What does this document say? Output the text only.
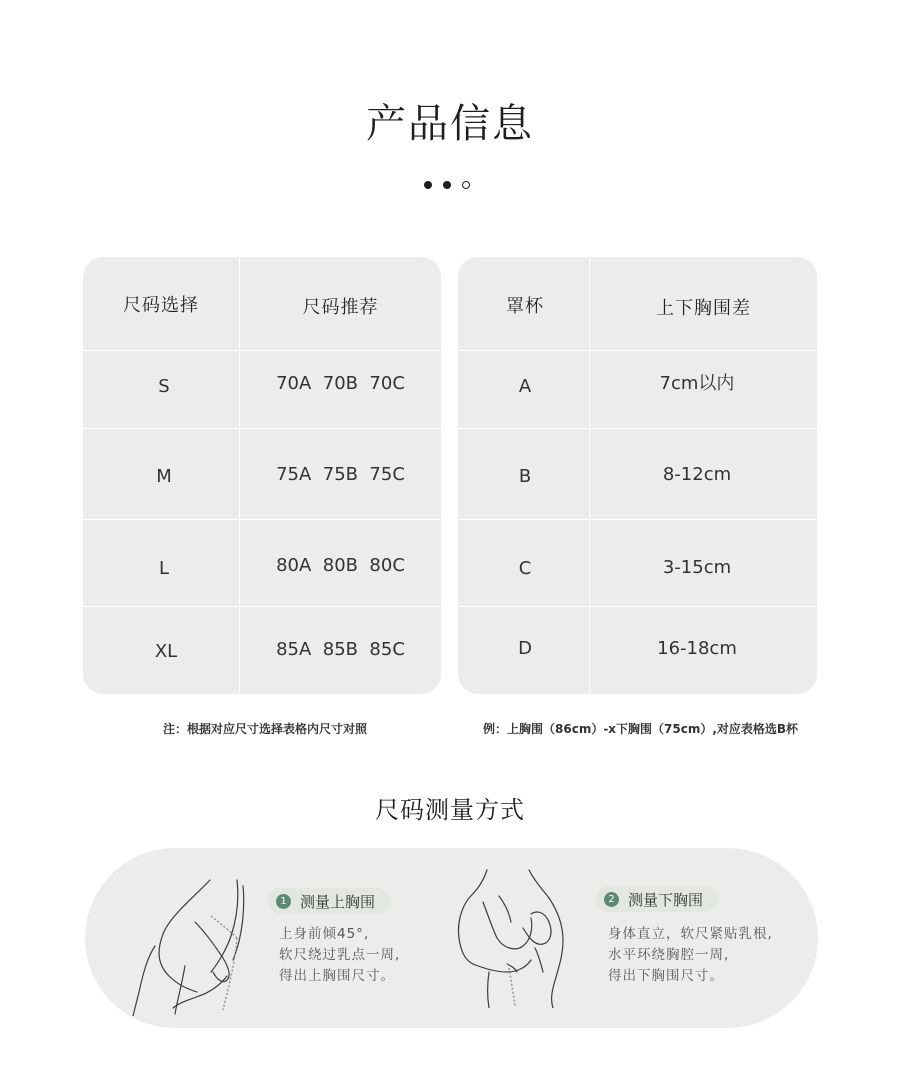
产品信息
尺码选择	尺码推荐
S	70A  70B  70C
M	75A  75B  75C
L	80A  80B  80C
XL	85A  85B  85C
罩杯	上下胸围差
A	7cm以内
B	8-12cm
C	3-15cm
D	16-18cm
注：根据对应尺寸选择表格内尺寸对照	例：上胸围（86cm）-x下胸围（75cm）,对应表格选B杯
尺码测量方式
1 测量上胸围
上身前倾45°,
软尺绕过乳点一周,
得出上胸围尺寸。
2 测量下胸围
身体直立，软尺紧贴乳根,
水平环绕胸腔一周,
得出下胸围尺寸。
